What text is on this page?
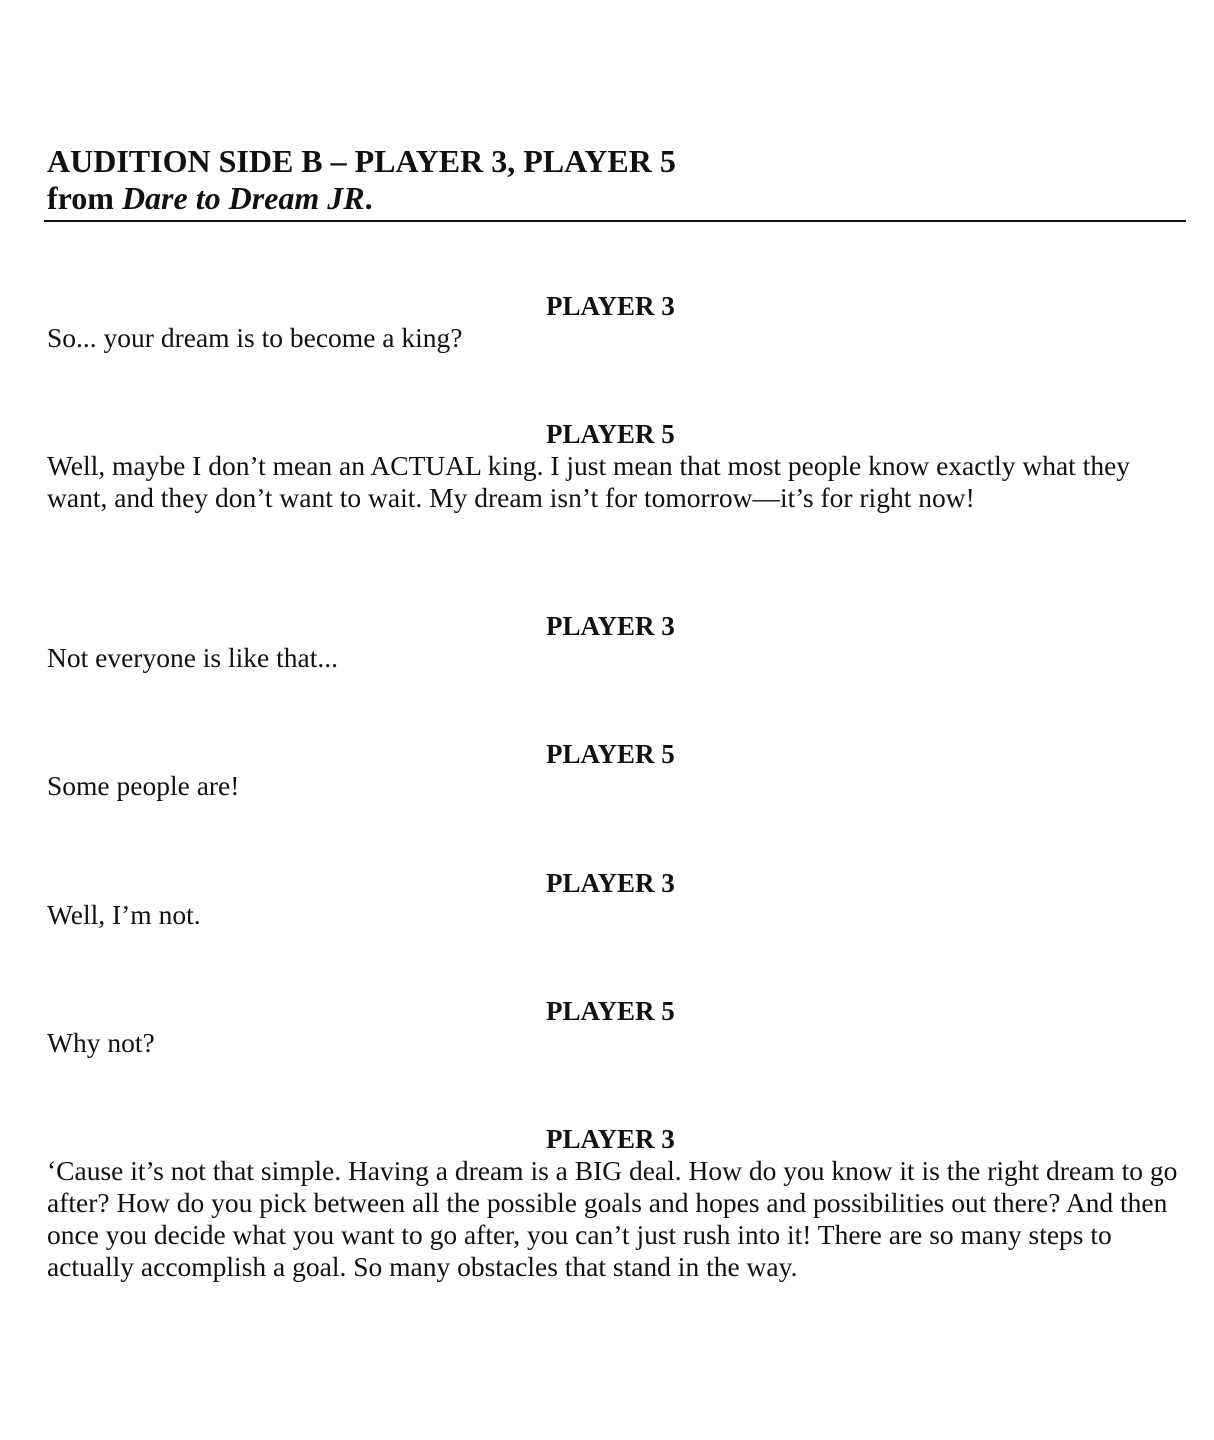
AUDITION SIDE B – PLAYER 3, PLAYER 5

from Dare to Dream JR.

PLAYER 3
So... your dream is to become a king?
PLAYER 5
Well, maybe I don’t mean an ACTUAL king. I just mean that most people know exactly what they want, and they don’t want to wait. My dream isn’t for tomorrow—it’s for right now!
PLAYER 3
Not everyone is like that...
PLAYER 5
Some people are!
PLAYER 3
Well, I’m not.
PLAYER 5
Why not?
PLAYER 3
‘Cause it’s not that simple. Having a dream is a BIG deal. How do you know it is the right dream to go after? How do you pick between all the possible goals and hopes and possibilities out there? And then once you decide what you want to go after, you can’t just rush into it! There are so many steps to actually accomplish a goal. So many obstacles that stand in the way.
